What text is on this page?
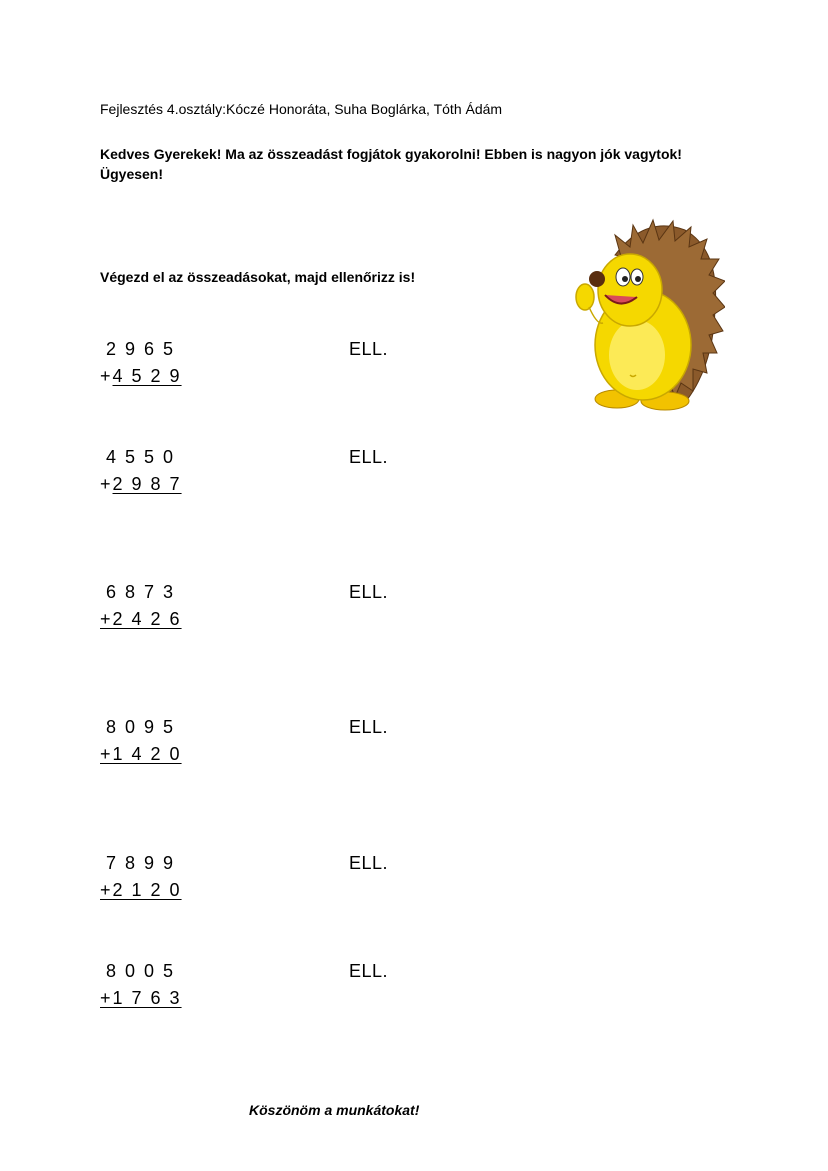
Fejlesztés 4.osztály:Kóczé Honoráta, Suha Boglárka, Tóth Ádám
Kedves Gyerekek! Ma az összeadást fogjátok gyakorolni! Ebben is nagyon jók vagytok! Ügyesen!
Végezd el az összeadásokat, majd ellenőrizz is!
2 9 6 5
+4 5 2 9
ELL.
4 5 5 0
+2 9 8 7
ELL.
6 8 7 3
+2 4 2 6
ELL.
8 0 9 5
+1 4 2 0
ELL.
7 8 9 9
+2 1 2 0
ELL.
8 0 0 5
+1 7 6 3
ELL.
Köszönöm a munkátokat!
